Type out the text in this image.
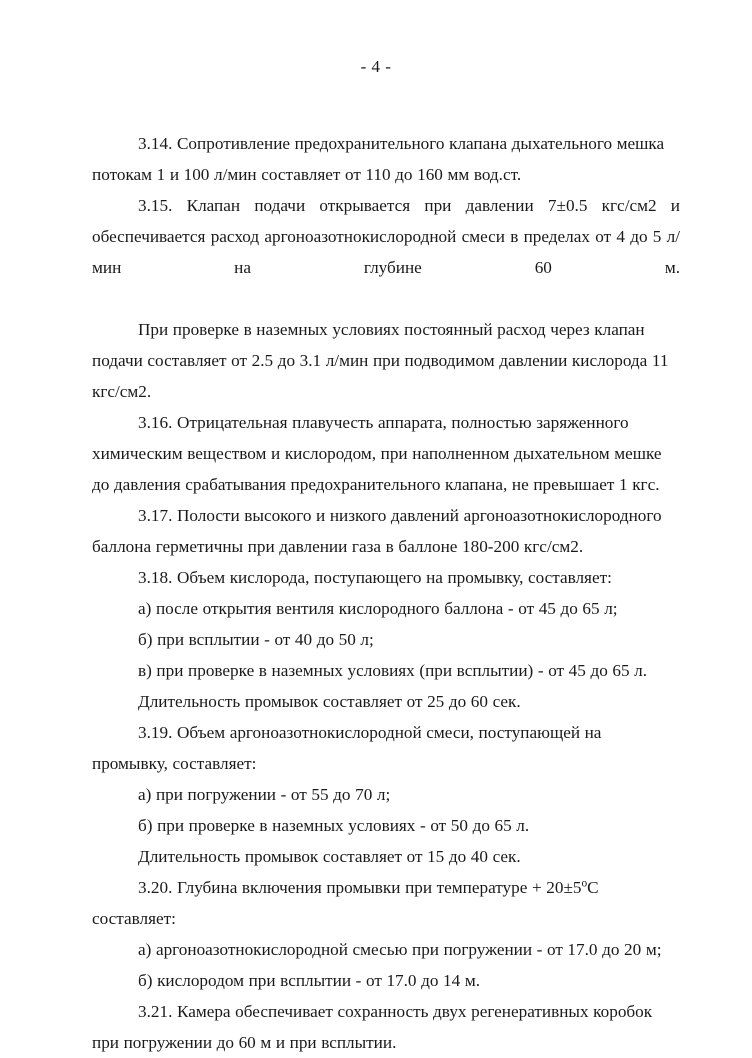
- 4 -

3.14. Сопротивление предохранительного клапана дыхательного мешка потокам 1 и 100 л/мин составляет от 110 до 160 мм вод.ст.

3.15. Клапан подачи открывается при давлении 7±0.5 кгс/см2 и обеспечивается расход аргоноазотнокислородной смеси в пределах от 4 до 5 л/мин на глубине 60 м.

При проверке в наземных условиях постоянный расход через клапан подачи составляет от 2.5 до 3.1 л/мин при подводимом давлении кислорода 11 кгс/см2.

3.16. Отрицательная плавучесть аппарата, полностью заряженного химическим веществом и кислородом, при наполненном дыхательном мешке до давления срабатывания предохранительного клапана, не превышает 1 кгс.

3.17. Полости высокого и низкого давлений аргоноазотнокислородного баллона герметичны при давлении газа в баллоне 180-200 кгс/см2.

3.18. Объем кислорода, поступающего на промывку, составляет:

а) после открытия вентиля кислородного баллона - от 45 до 65 л;

б) при всплытии - от 40 до 50 л;

в) при проверке в наземных условиях (при всплытии) - от 45 до 65 л.

Длительность промывок составляет от 25 до 60 сек.

3.19. Объем аргоноазотнокислородной смеси, поступающей на промывку, составляет:

а) при погружении - от 55 до 70 л;

б) при проверке в наземных условиях - от 50 до 65 л.

Длительность промывок составляет от 15 до 40 сек.

3.20. Глубина включения промывки при температуре + $20\pm 5^oC$ составляет:

а) аргоноазотнокислородной смесью при погружении - от 17.0 до 20 м;

б) кислородом при всплытии - от 17.0 до 14 м.

3.21. Камера обеспечивает сохранность двух регенеративных коробок при погружении до 60 м и при всплытии.
